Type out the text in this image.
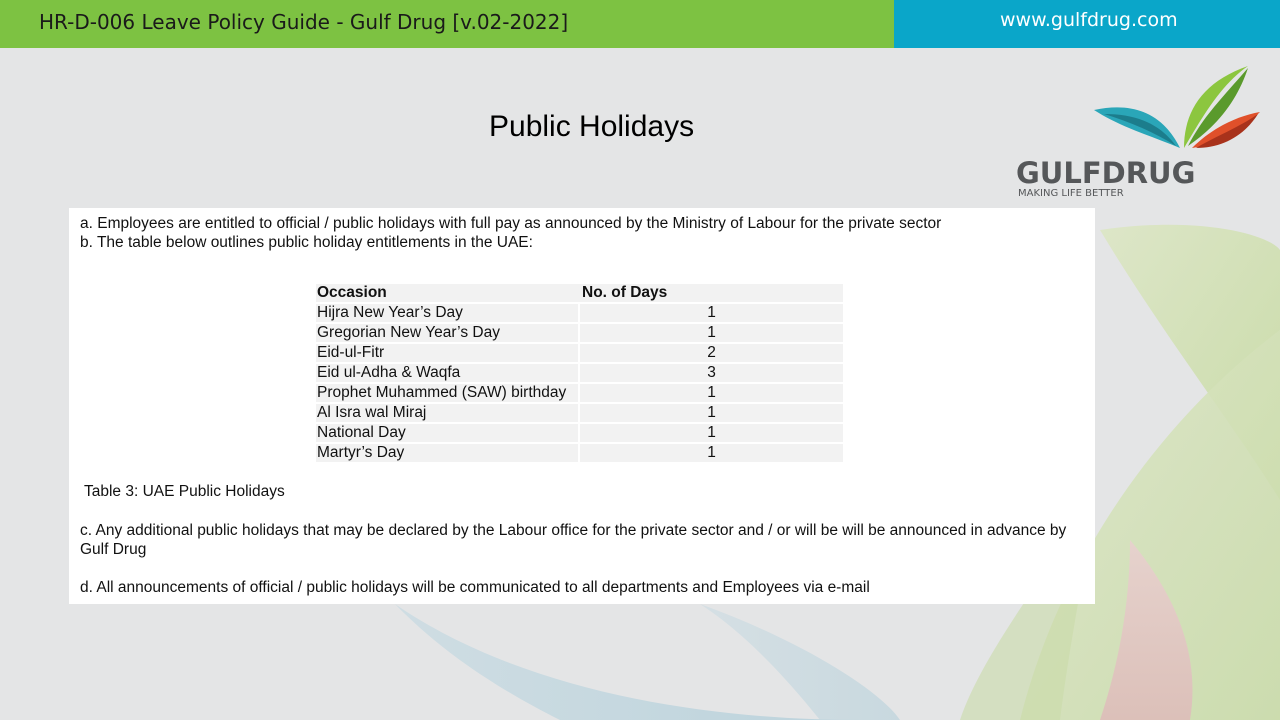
HR-D-006 Leave Policy Guide - Gulf Drug [v.02-2022]	www.gulfdrug.com
Public Holidays
GULFDRUG
MAKING LIFE BETTER
a. Employees are entitled to official / public holidays with full pay as announced by the Ministry of Labour for the private sector
b. The table below outlines public holiday entitlements in the UAE:
Occasion	No. of Days
Hijra New Year’s Day	1
Gregorian New Year’s Day	1
Eid-ul-Fitr	2
Eid ul-Adha & Waqfa	3
Prophet Muhammed (SAW) birthday	1
Al Isra wal Miraj	1
National Day	1
Martyr’s Day	1
Table 3: UAE Public Holidays
c. Any additional public holidays that may be declared by the Labour office for the private sector and / or will be will be announced in advance by Gulf Drug
d. All announcements of official / public holidays will be communicated to all departments and Employees via e-mail
